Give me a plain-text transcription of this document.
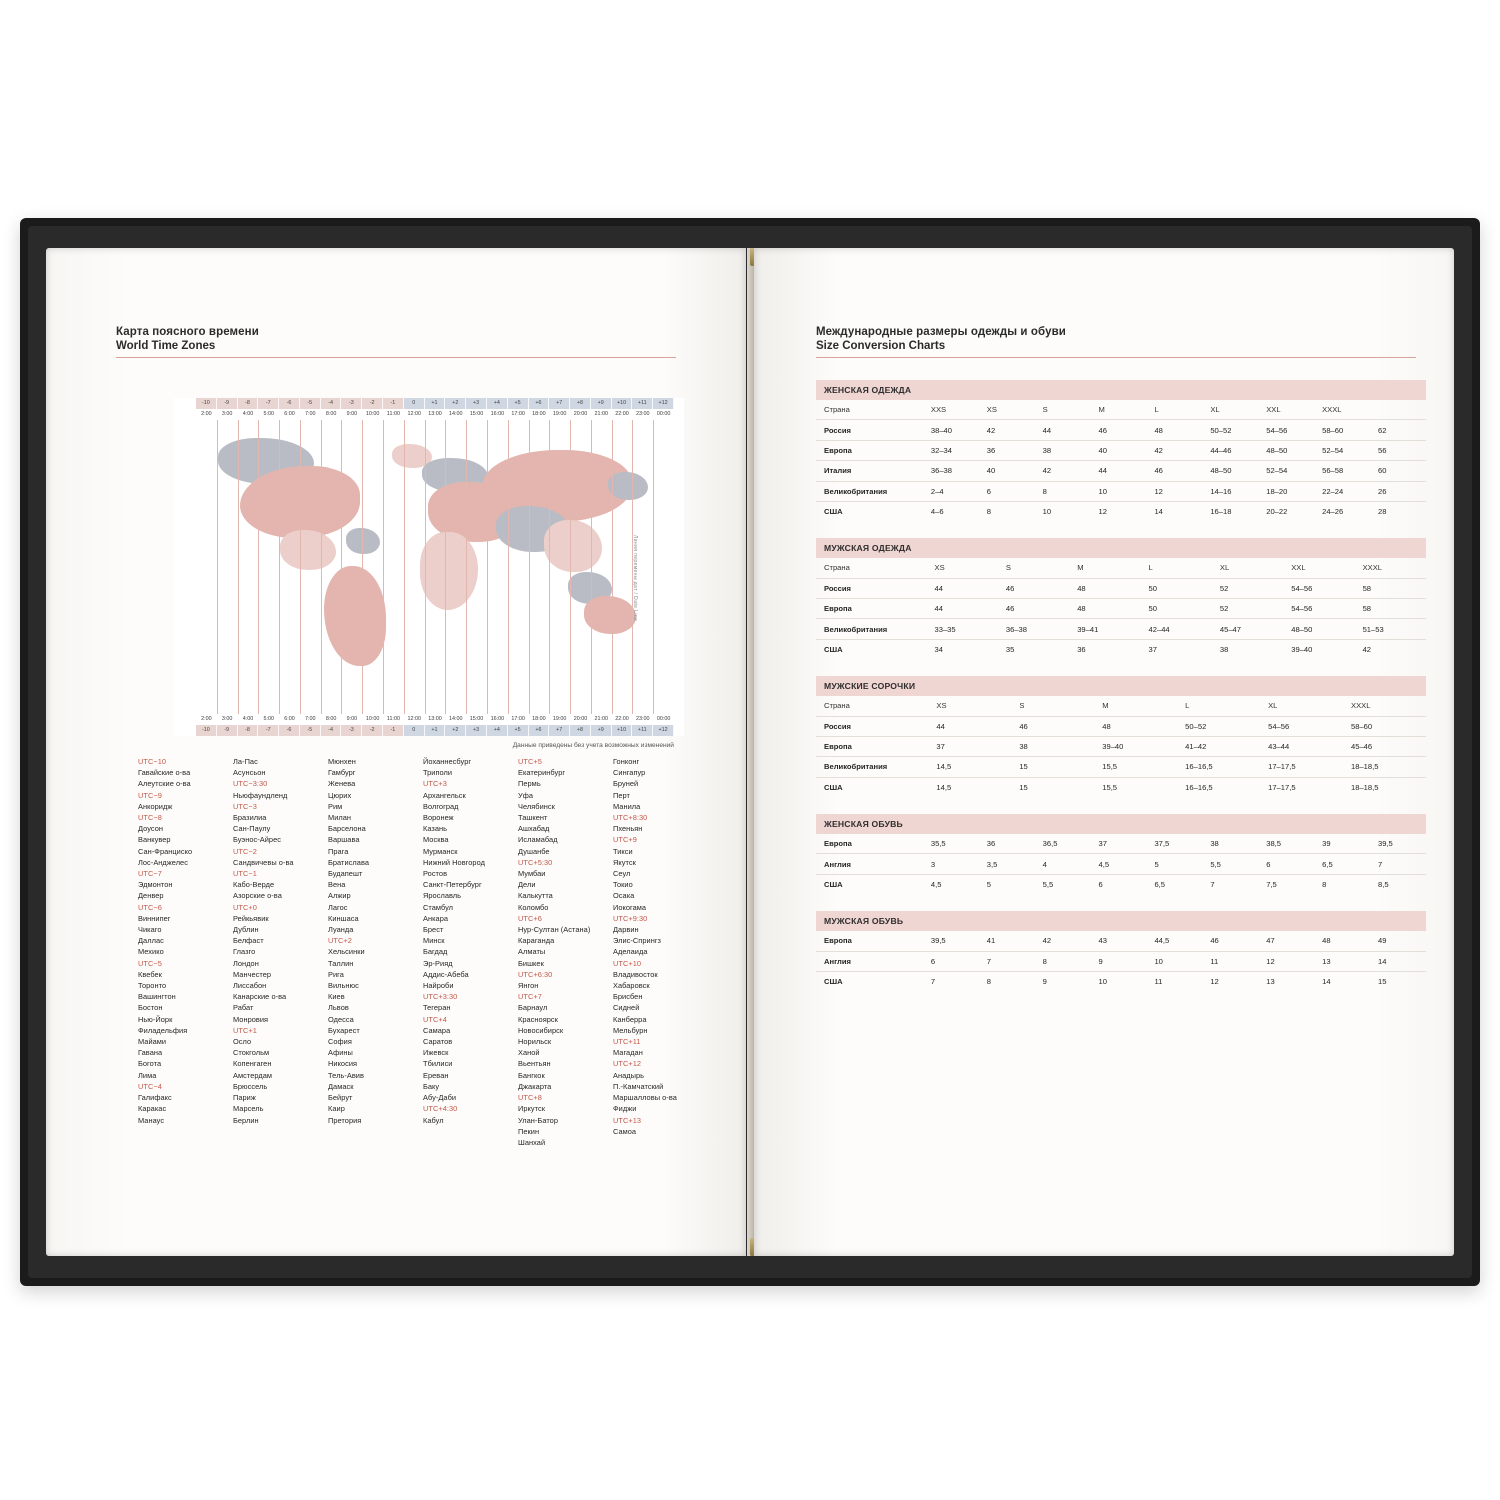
Карта поясного времени
World Time Zones
-10	-9	-8	-7	-6	-5	-4	-3	-2	-1	0	+1	+2	+3	+4	+5	+6	+7	+8	+9	+10	+11	+12
2:00	3:00	4:00	5:00	6:00	7:00	8:00	9:00	10:00	11:00	12:00	13:00	14:00	15:00	16:00	17:00	18:00	19:00	20:00	21:00	22:00	23:00	00:00
Линия перемены дат / Date Line
2:00	3:00	4:00	5:00	6:00	7:00	8:00	9:00	10:00	11:00	12:00	13:00	14:00	15:00	16:00	17:00	18:00	19:00	20:00	21:00	22:00	23:00	00:00
-10	-9	-8	-7	-6	-5	-4	-3	-2	-1	0	+1	+2	+3	+4	+5	+6	+7	+8	+9	+10	+11	+12
Данные приведены без учета возможных изменений
UTC−10
Гавайские о-ва
Алеутские о-ва
UTC−9
Анкоридж
UTC−8
Доусон
Ванкувер
Сан-Франциско
Лос-Анджелес
UTC−7
Эдмонтон
Денвер
UTC−6
Виннипег
Чикаго
Даллас
Мехико
UTC−5
Квебек
Торонто
Вашингтон
Бостон
Нью-Йорк
Филадельфия
Майами
Гавана
Богота
Лима
UTC−4
Галифакс
Каракас
Манаус
Ла-Пас
Асунсьон
UTC−3:30
Ньюфаундленд
UTC−3
Бразилиа
Сан-Паулу
Буэнос-Айрес
UTC−2
Сандвичевы о-ва
UTC−1
Кабо-Верде
Азорские о-ва
UTC+0
Рейкьявик
Дублин
Белфаст
Глазго
Лондон
Манчестер
Лиссабон
Канарские о-ва
Рабат
Монровия
UTC+1
Осло
Стокгольм
Копенгаген
Амстердам
Брюссель
Париж
Марсель
Берлин
Мюнхен
Гамбург
Женева
Цюрих
Рим
Милан
Барселона
Варшава
Прага
Братислава
Будапешт
Вена
Алжир
Лагос
Киншаса
Луанда
UTC+2
Хельсинки
Таллин
Рига
Вильнюс
Киев
Львов
Одесса
Бухарест
София
Афины
Никосия
Тель-Авив
Дамаск
Бейрут
Каир
Претория
Йоханнесбург
Триполи
UTC+3
Архангельск
Волгоград
Воронеж
Казань
Москва
Мурманск
Нижний Новгород
Ростов
Санкт-Петербург
Ярославль
Стамбул
Анкара
Брест
Минск
Багдад
Эр-Рияд
Аддис-Абеба
Найроби
UTC+3:30
Тегеран
UTC+4
Самара
Саратов
Ижевск
Тбилиси
Ереван
Баку
Абу-Даби
UTC+4:30
Кабул
UTC+5
Екатеринбург
Пермь
Уфа
Челябинск
Ташкент
Ашхабад
Исламабад
Душанбе
UTC+5:30
Мумбаи
Дели
Калькутта
Коломбо
UTC+6
Нур-Султан (Астана)
Караганда
Алматы
Бишкек
UTC+6:30
Янгон
UTC+7
Барнаул
Красноярск
Новосибирск
Норильск
Ханой
Вьентьян
Бангкок
Джакарта
UTC+8
Иркутск
Улан-Батор
Пекин
Шанхай
Гонконг
Сингапур
Бруней
Перт
Манила
UTC+8:30
Пхеньян
UTC+9
Тикси
Якутск
Сеул
Токио
Осака
Иокогама
UTC+9:30
Дарвин
Элис-Спрингз
Аделаида
UTC+10
Владивосток
Хабаровск
Брисбен
Сидней
Канберра
Мельбурн
UTC+11
Магадан
UTC+12
Анадырь
П.-Камчатский
Маршалловы о-ва
Фиджи
UTC+13
Самоа
Международные размеры одежды и обуви
Size Conversion Charts
ЖЕНСКАЯ ОДЕЖДА
Страна	XXS	XS	S	M	L	XL	XXL	XXXL	
Россия	38–40	42	44	46	48	50–52	54–56	58–60	62
Европа	32–34	36	38	40	42	44–46	48–50	52–54	56
Италия	36–38	40	42	44	46	48–50	52–54	56–58	60
Великобритания	2–4	6	8	10	12	14–16	18–20	22–24	26
США	4–6	8	10	12	14	16–18	20–22	24–26	28
МУЖСКАЯ ОДЕЖДА
Страна	XS	S	M	L	XL	XXL	XXXL
Россия	44	46	48	50	52	54–56	58
Европа	44	46	48	50	52	54–56	58
Великобритания	33–35	36–38	39–41	42–44	45–47	48–50	51–53
США	34	35	36	37	38	39–40	42
МУЖСКИЕ СОРОЧКИ
Страна	XS	S	M	L	XL	XXXL
Россия	44	46	48	50–52	54–56	58–60
Европа	37	38	39–40	41–42	43–44	45–46
Великобритания	14,5	15	15,5	16–16,5	17–17,5	18–18,5
США	14,5	15	15,5	16–16,5	17–17,5	18–18,5
ЖЕНСКАЯ ОБУВЬ
Европа	35,5	36	36,5	37	37,5	38	38,5	39	39,5
Англия	3	3,5	4	4,5	5	5,5	6	6,5	7
США	4,5	5	5,5	6	6,5	7	7,5	8	8,5
МУЖСКАЯ ОБУВЬ
Европа	39,5	41	42	43	44,5	46	47	48	49
Англия	6	7	8	9	10	11	12	13	14
США	7	8	9	10	11	12	13	14	15
